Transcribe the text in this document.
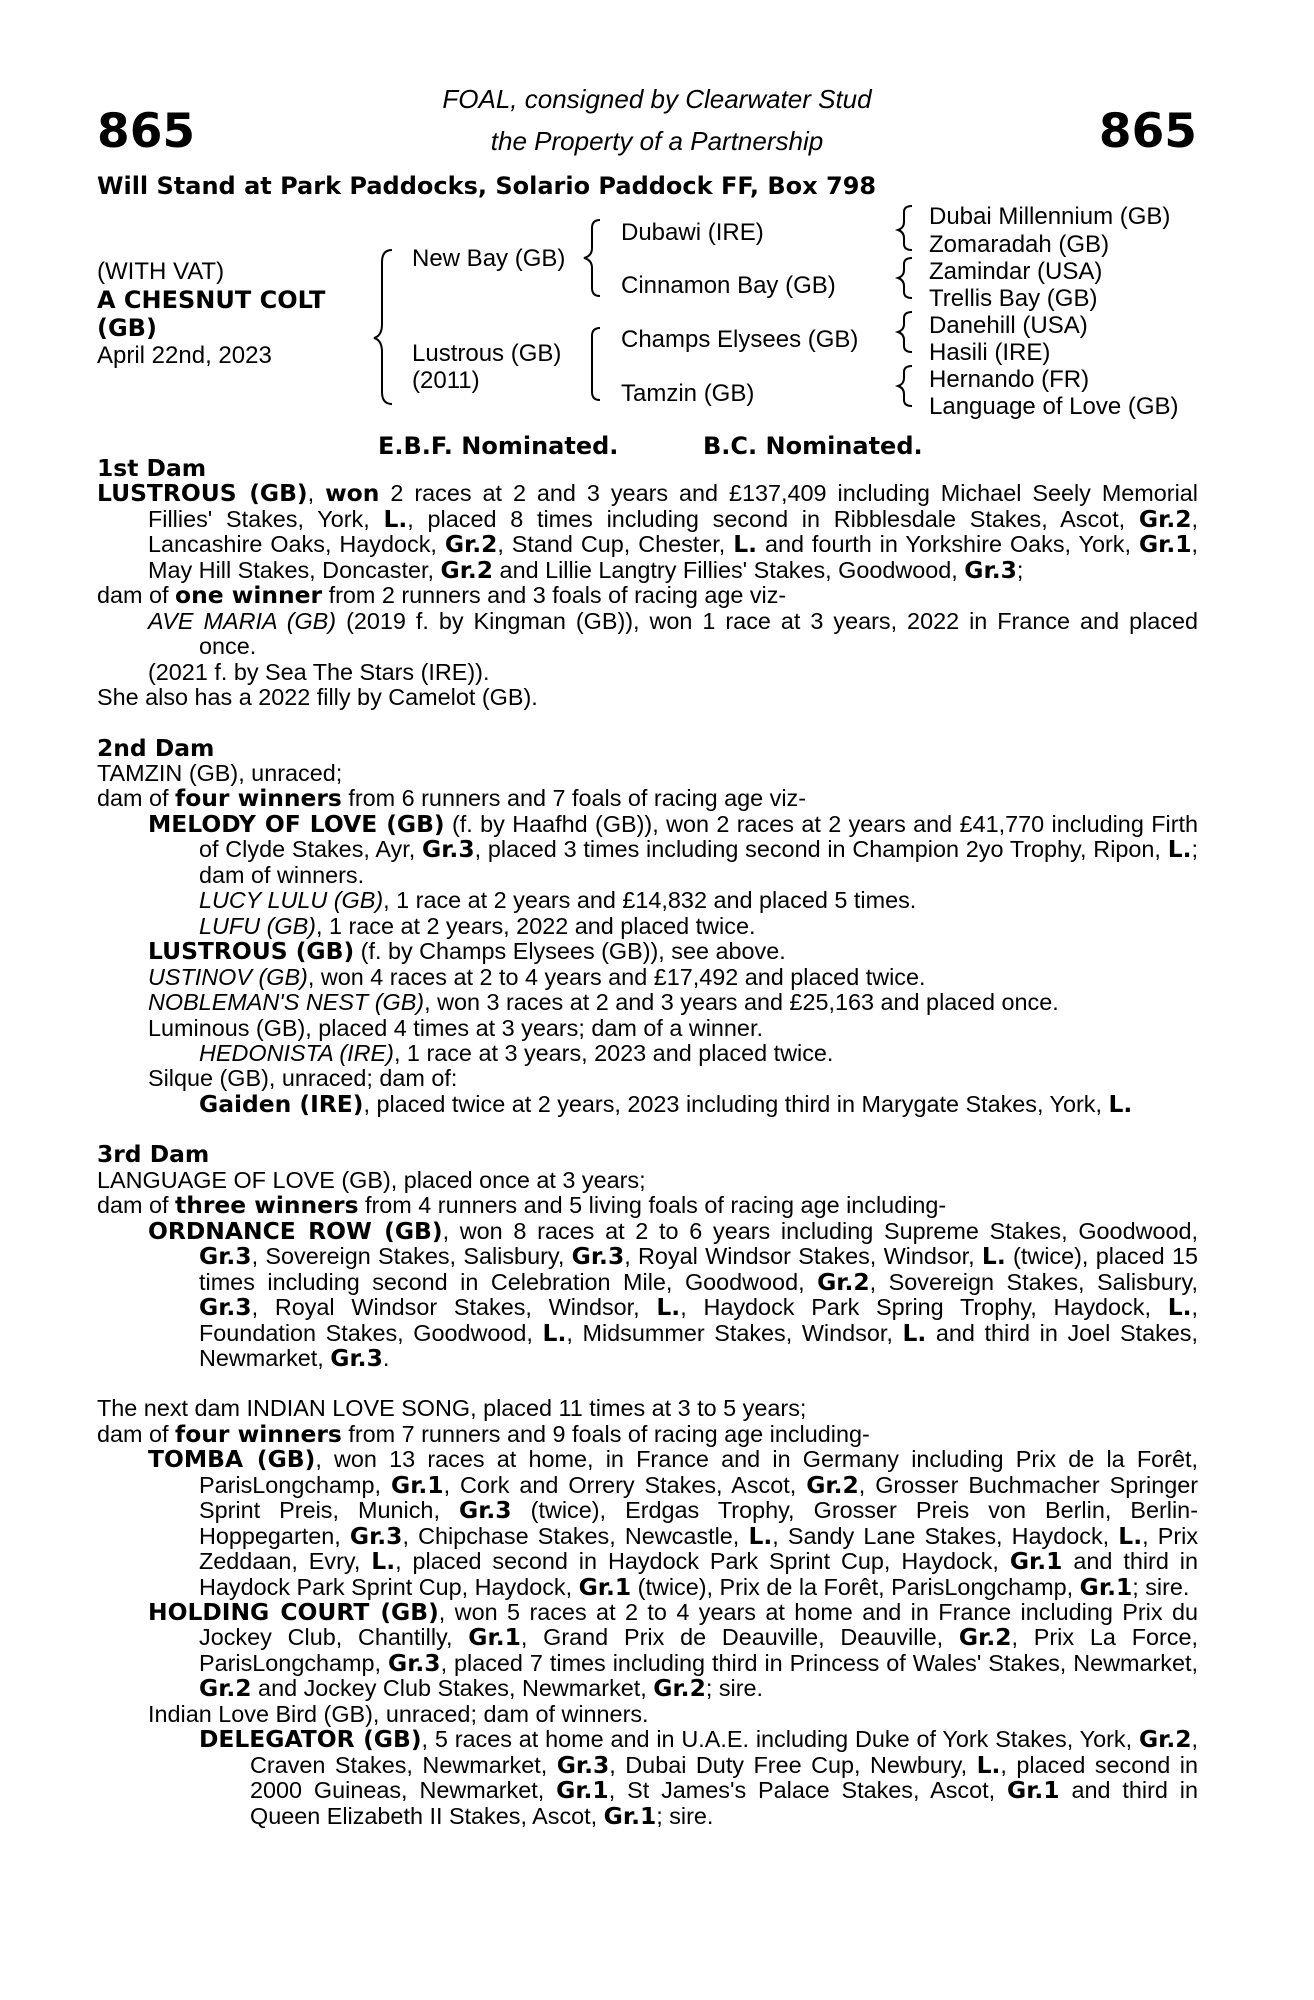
865	865
FOAL, consigned by Clearwater Stud
the Property of a Partnership
Will Stand at Park Paddocks, Solario Paddock FF, Box 798
(WITH VAT)
A CHESNUT COLT
(GB)
April 22nd, 2023
New Bay (GB)
Lustrous (GB)
(2011)
Dubawi (IRE)
Cinnamon Bay (GB)
Champs Elysees (GB)
Tamzin (GB)
Dubai Millennium (GB)
Zomaradah (GB)
Zamindar (USA)
Trellis Bay (GB)
Danehill (USA)
Hasili (IRE)
Hernando (FR)
Language of Love (GB)
E.B.F. Nominated.	B.C. Nominated.
1st Dam
LUSTROUS (GB), won 2 races at 2 and 3 years and £137,409 including Michael Seely Memorial Fillies' Stakes, York, L., placed 8 times including second in Ribblesdale Stakes, Ascot, Gr.2, Lancashire Oaks, Haydock, Gr.2, Stand Cup, Chester, L. and fourth in Yorkshire Oaks, York, Gr.1, May Hill Stakes, Doncaster, Gr.2 and Lillie Langtry Fillies' Stakes, Goodwood, Gr.3;
dam of one winner from 2 runners and 3 foals of racing age viz-
AVE MARIA (GB) (2019 f. by Kingman (GB)), won 1 race at 3 years, 2022 in France and placed once.
(2021 f. by Sea The Stars (IRE)).
She also has a 2022 filly by Camelot (GB).
2nd Dam
TAMZIN (GB), unraced;
dam of four winners from 6 runners and 7 foals of racing age viz-
MELODY OF LOVE (GB) (f. by Haafhd (GB)), won 2 races at 2 years and £41,770 including Firth of Clyde Stakes, Ayr, Gr.3, placed 3 times including second in Champion 2yo Trophy, Ripon, L.; dam of winners.
LUCY LULU (GB), 1 race at 2 years and £14,832 and placed 5 times.
LUFU (GB), 1 race at 2 years, 2022 and placed twice.
LUSTROUS (GB) (f. by Champs Elysees (GB)), see above.
USTINOV (GB), won 4 races at 2 to 4 years and £17,492 and placed twice.
NOBLEMAN'S NEST (GB), won 3 races at 2 and 3 years and £25,163 and placed once.
Luminous (GB), placed 4 times at 3 years; dam of a winner.
HEDONISTA (IRE), 1 race at 3 years, 2023 and placed twice.
Silque (GB), unraced; dam of:
Gaiden (IRE), placed twice at 2 years, 2023 including third in Marygate Stakes, York, L.
3rd Dam
LANGUAGE OF LOVE (GB), placed once at 3 years;
dam of three winners from 4 runners and 5 living foals of racing age including-
ORDNANCE ROW (GB), won 8 races at 2 to 6 years including Supreme Stakes, Goodwood, Gr.3, Sovereign Stakes, Salisbury, Gr.3, Royal Windsor Stakes, Windsor, L. (twice), placed 15 times including second in Celebration Mile, Goodwood, Gr.2, Sovereign Stakes, Salisbury, Gr.3, Royal Windsor Stakes, Windsor, L., Haydock Park Spring Trophy, Haydock, L., Foundation Stakes, Goodwood, L., Midsummer Stakes, Windsor, L. and third in Joel Stakes, Newmarket, Gr.3.
The next dam INDIAN LOVE SONG, placed 11 times at 3 to 5 years;
dam of four winners from 7 runners and 9 foals of racing age including-
TOMBA (GB), won 13 races at home, in France and in Germany including Prix de la Forêt, ParisLongchamp, Gr.1, Cork and Orrery Stakes, Ascot, Gr.2, Grosser Buchmacher Springer Sprint Preis, Munich, Gr.3 (twice), Erdgas Trophy, Grosser Preis von Berlin, Berlin-Hoppegarten, Gr.3, Chipchase Stakes, Newcastle, L., Sandy Lane Stakes, Haydock, L., Prix Zeddaan, Evry, L., placed second in Haydock Park Sprint Cup, Haydock, Gr.1 and third in Haydock Park Sprint Cup, Haydock, Gr.1 (twice), Prix de la Forêt, ParisLongchamp, Gr.1; sire.
HOLDING COURT (GB), won 5 races at 2 to 4 years at home and in France including Prix du Jockey Club, Chantilly, Gr.1, Grand Prix de Deauville, Deauville, Gr.2, Prix La Force, ParisLongchamp, Gr.3, placed 7 times including third in Princess of Wales' Stakes, Newmarket, Gr.2 and Jockey Club Stakes, Newmarket, Gr.2; sire.
Indian Love Bird (GB), unraced; dam of winners.
DELEGATOR (GB), 5 races at home and in U.A.E. including Duke of York Stakes, York, Gr.2, Craven Stakes, Newmarket, Gr.3, Dubai Duty Free Cup, Newbury, L., placed second in 2000 Guineas, Newmarket, Gr.1, St James's Palace Stakes, Ascot, Gr.1 and third in Queen Elizabeth II Stakes, Ascot, Gr.1; sire.
